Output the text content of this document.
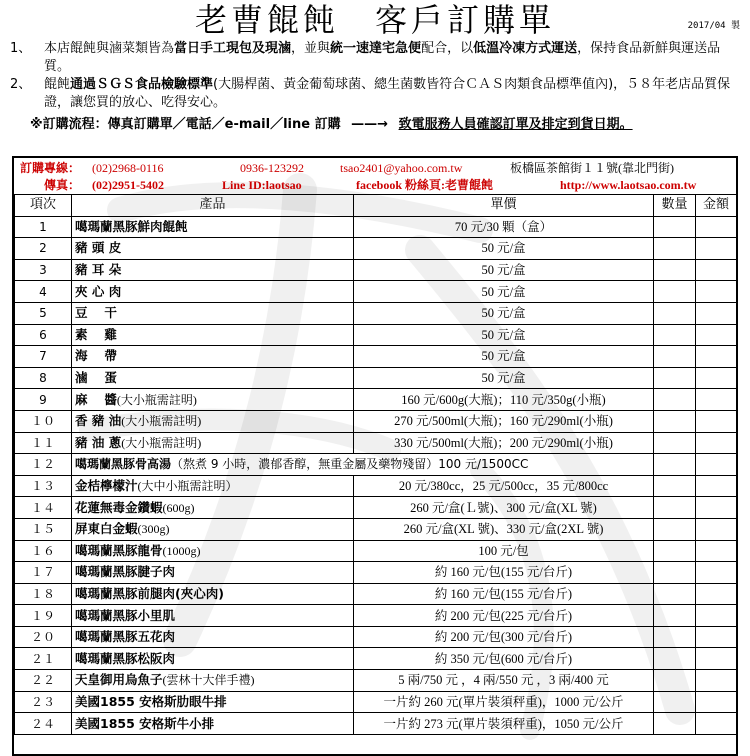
老曹餛飩　客戶訂購單	2017/04 製
1、 本店餛飩與滷菜類皆為當日手工現包及現滷，並與統一速達宅急便配合，以低溫冷凍方式運送，保持食品新鮮與運送品質。
2、 餛飩通過ＳＧＳ食品檢驗標準(大腸桿菌、黃金葡萄球菌、總生菌數皆符合ＣＡＳ肉類食品標準值內)，５８年老店品質保證，讓您買的放心、吃得安心。
※訂購流程：傳真訂購單／電話／e-mail／line 訂購 ——→ 致電服務人員確認訂單及排定到貨日期。
訂購專線： (02)2968-0116	0936-123292	tsao2401@yahoo.com.tw	板橋區茶館街１１號(靠北門街)
傳真： (02)2951-5402	Line ID:laotsao	facebook 粉絲頁:老曹餛飩	http://www.laotsao.com.tw
項次	產品	單價	數量	金額
1	噶瑪蘭黑豚鮮肉餛飩	70 元/30 顆（盒）		
2	豬 頭 皮	50 元/盒		
3	豬 耳 朵	50 元/盒		
4	夾 心 肉	50 元/盒		
5	豆　 干	50 元/盒		
6	素　 雞	50 元/盒		
7	海　 帶	50 元/盒		
8	滷　 蛋	50 元/盒		
9	麻　 醬(大小瓶需註明)	160 元/600g(大瓶)；110 元/350g(小瓶)		
１０	香 豬 油(大小瓶需註明)	270 元/500ml(大瓶)；160 元/290ml(小瓶)		
１１	豬 油 蔥(大小瓶需註明)	330 元/500ml(大瓶)；200 元/290ml(小瓶)		
１２	噶瑪蘭黑豚骨高湯（熬煮 9 小時，濃郁香醇，無重金屬及藥物殘留）100 元/1500CC			
１３	金桔檸檬汁(大中小瓶需註明）	20 元/380cc，25 元/500cc，35 元/800cc		
１４	花蓮無毒金鑽蝦(600g)	260 元/盒(Ｌ號)、300 元/盒(XL 號)		
１５	屏東白金蝦(300g)	260 元/盒(XL 號)、330 元/盒(2XL 號)		
１６	噶瑪蘭黑豚龍骨(1000g)	100 元/包		
１７	噶瑪蘭黑豚腱子肉	約 160 元/包(155 元/台斤)		
１８	噶瑪蘭黑豚前腿肉(夾心肉)	約 160 元/包(155 元/台斤)		
１９	噶瑪蘭黑豚小里肌	約 200 元/包(225 元/台斤)		
２０	噶瑪蘭黑豚五花肉	約 200 元/包(300 元/台斤)		
２１	噶瑪蘭黑豚松阪肉	約 350 元/包(600 元/台斤)		
２２	天皇御用烏魚子(雲林十大伴手禮)	5 兩/750 元 ，4 兩/550 元 ，3 兩/400 元		
２３	美國1855 安格斯肋眼牛排	一片約 260 元(單片裝須秤重)，1000 元/公斤		
２４	美國1855 安格斯牛小排	一片約 273 元(單片裝須秤重)，1050 元/公斤		
